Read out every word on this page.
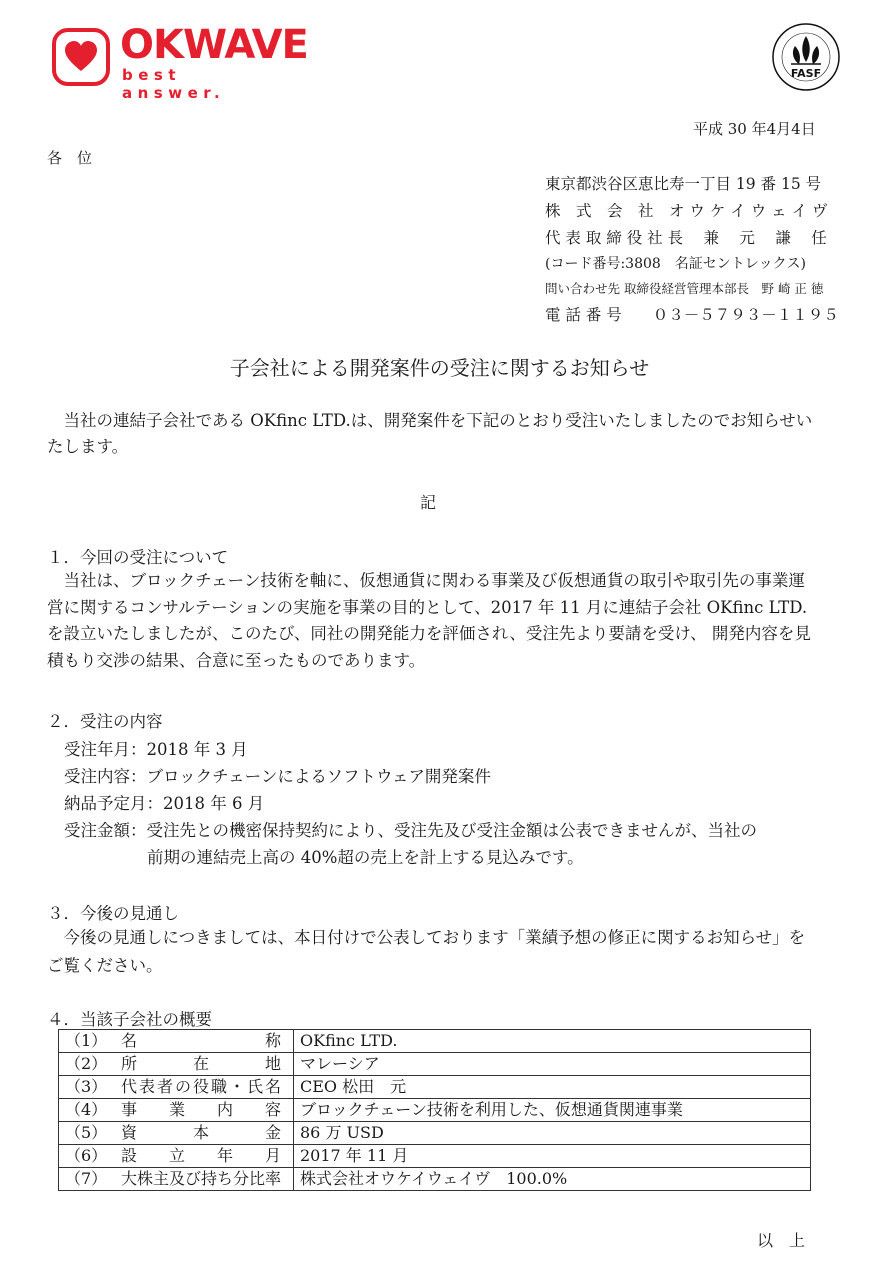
OKWAVE
best answer.
FASF
平成 30 年4月4日
各　位
東京都渋谷区恵比寿一丁目 19 番 15 号
株　式　会　社　オ ウ ケ イ ウ ェ イ ヴ
代 表 取 締 役 社 長　 兼　 元　 謙　 任
(コード番号:3808　名証セントレックス)
問い合わせ先 取締役経営管理本部長　野 崎 正 徳
電 話 番 号　　０３－５７９３－１１９５
子会社による開発案件の受注に関するお知らせ
当社の連結子会社である OKfinc LTD.は、開発案件を下記のとおり受注いたしましたのでお知らせいたします。
記
１．今回の受注について
当社は、ブロックチェーン技術を軸に、仮想通貨に関わる事業及び仮想通貨の取引や取引先の事業運営に関するコンサルテーションの実施を事業の目的として、2017 年 11 月に連結子会社 OKfinc LTD.を設立いたしましたが、このたび、同社の開発能力を評価され、受注先より要請を受け、 開発内容を見積もり交渉の結果、合意に至ったものであります。
２．受注の内容
受注年月：2018 年 3 月
受注内容：ブロックチェーンによるソフトウェア開発案件
納品予定月：2018 年 6 月
受注金額：受注先との機密保持契約により、受注先及び受注金額は公表できませんが、当社の
前期の連結売上高の 40%超の売上を計上する見込みです。
３．今後の見通し
今後の見通しにつきましては、本日付けで公表しております「業績予想の修正に関するお知らせ」をご覧ください。
４．当該子会社の概要
（1） 名 称	OKfinc LTD.
（2） 所 在 地	マレーシア
（3） 代表者の役職・氏名	CEO 松田　元
（4） 事 業 内 容	ブロックチェーン技術を利用した、仮想通貨関連事業
（5） 資 本 金	86 万 USD
（6） 設 立 年 月	2017 年 11 月
（7） 大株主及び持ち分比率	株式会社オウケイウェイヴ　100.0%
以　上
